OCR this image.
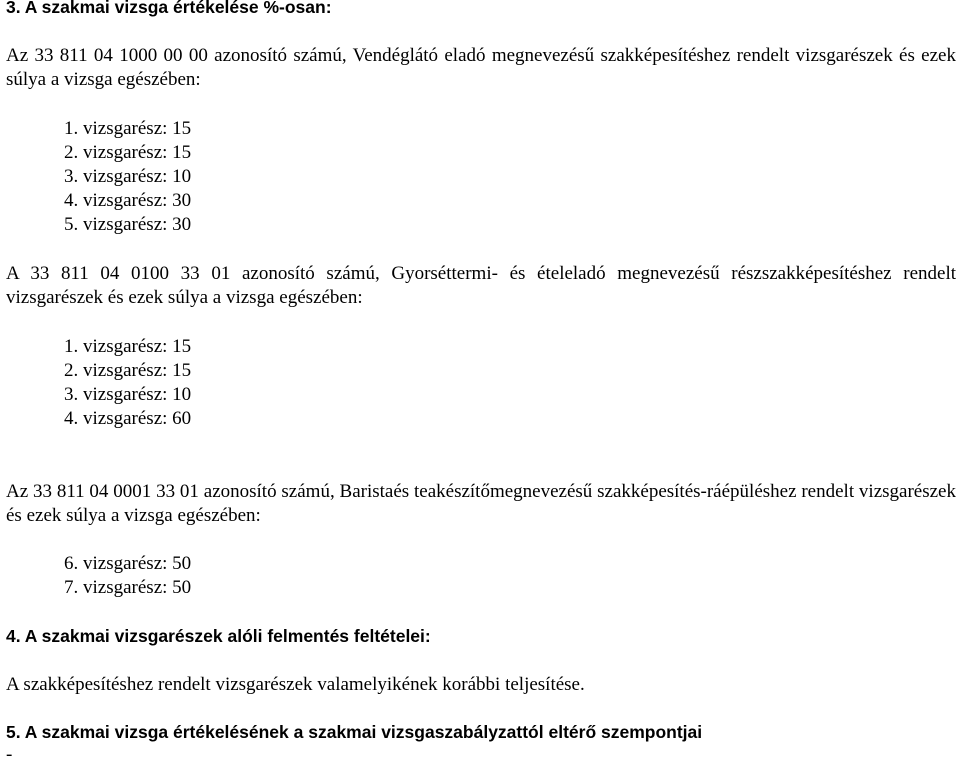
3. A szakmai vizsga értékelése %-osan:
Az 33 811 04 1000 00 00 azonosító számú, Vendéglátó eladó megnevezésű szakképesítéshez rendelt vizsgarészek és ezek súlya a vizsga egészében:
1. vizsgarész: 15
2. vizsgarész: 15
3. vizsgarész: 10
4. vizsgarész: 30
5. vizsgarész: 30
A 33 811 04 0100 33 01 azonosító számú, Gyorséttermi- és ételeladó megnevezésű részszakképesítéshez rendelt vizsgarészek és ezek súlya a vizsga egészében:
1. vizsgarész: 15
2. vizsgarész: 15
3. vizsgarész: 10
4. vizsgarész: 60
Az 33 811 04 0001 33 01 azonosító számú, Baristaés teakészítőmegnevezésű szakképesítés-ráépüléshez rendelt vizsgarészek és ezek súlya a vizsga egészében:
6. vizsgarész: 50
7. vizsgarész: 50
4. A szakmai vizsgarészek alóli felmentés feltételei:
A szakképesítéshez rendelt vizsgarészek valamelyikének korábbi teljesítése.
5. A szakmai vizsga értékelésének a szakmai vizsgaszabályzattól eltérő szempontjai
-
